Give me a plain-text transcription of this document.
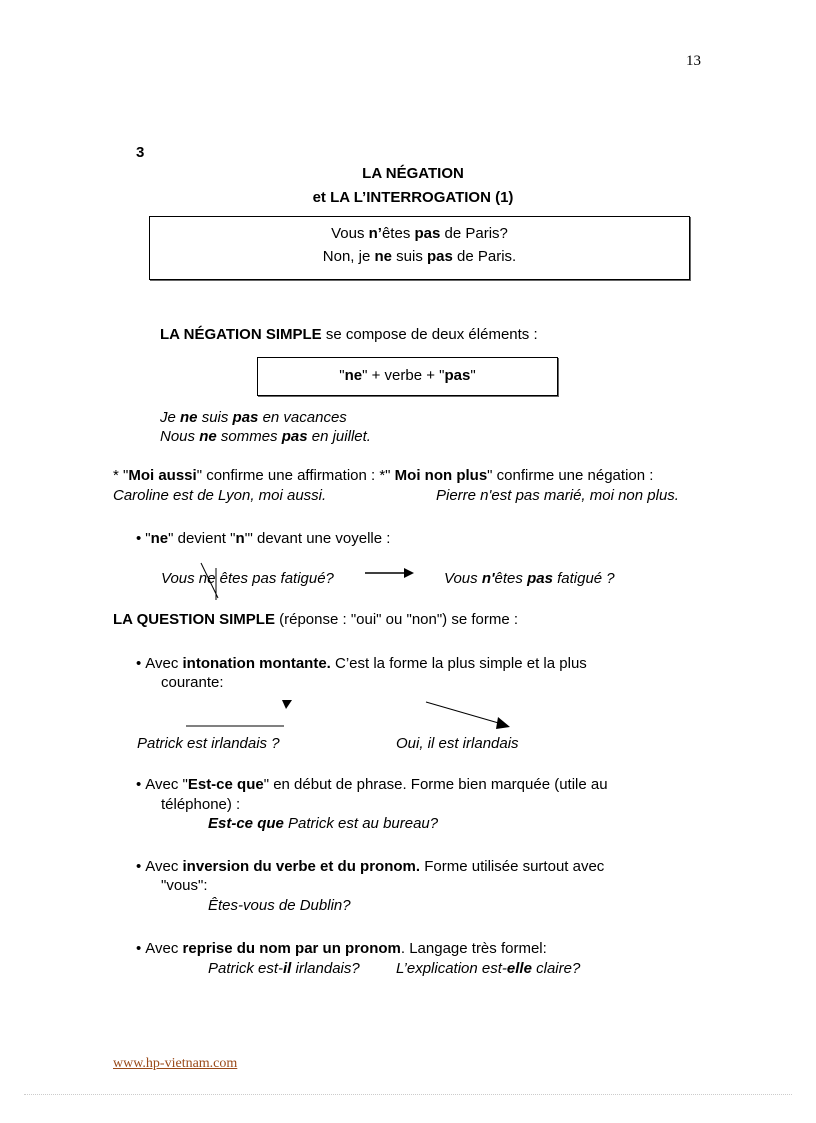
13
3
LA NÉGATION
et LA L’INTERROGATION (1)
Vous n’êtes pas de Paris?
Non, je ne suis pas de Paris.
LA NÉGATION SIMPLE se compose de deux éléments :
"ne" + verbe + "pas"
Je ne suis pas en vacances
Nous ne sommes pas en juillet.
* "Moi aussi" confirme une affirmation : *" Moi non plus" confirme une négation :
Caroline est de Lyon, moi aussi.	Pierre n'est pas marié, moi non plus.
• "ne" devient "n'" devant une voyelle :
Vous ne êtes pas fatigué?	Vous n'êtes pas fatigué ?
LA QUESTION SIMPLE (réponse : "oui" ou "non") se forme :
• Avec intonation montante. C’est la forme la plus simple et la plus
courante:
Patrick est irlandais ?	Oui, il est irlandais
• Avec "Est-ce que" en début de phrase. Forme bien marquée (utile au
téléphone) :
Est-ce que Patrick est au bureau?
• Avec inversion du verbe et du pronom. Forme utilisée surtout avec
"vous":
Êtes-vous de Dublin?
• Avec reprise du nom par un pronom. Langage très formel:
Patrick est-il irlandais? L’explication est-elle claire?
www.hp-vietnam.com
